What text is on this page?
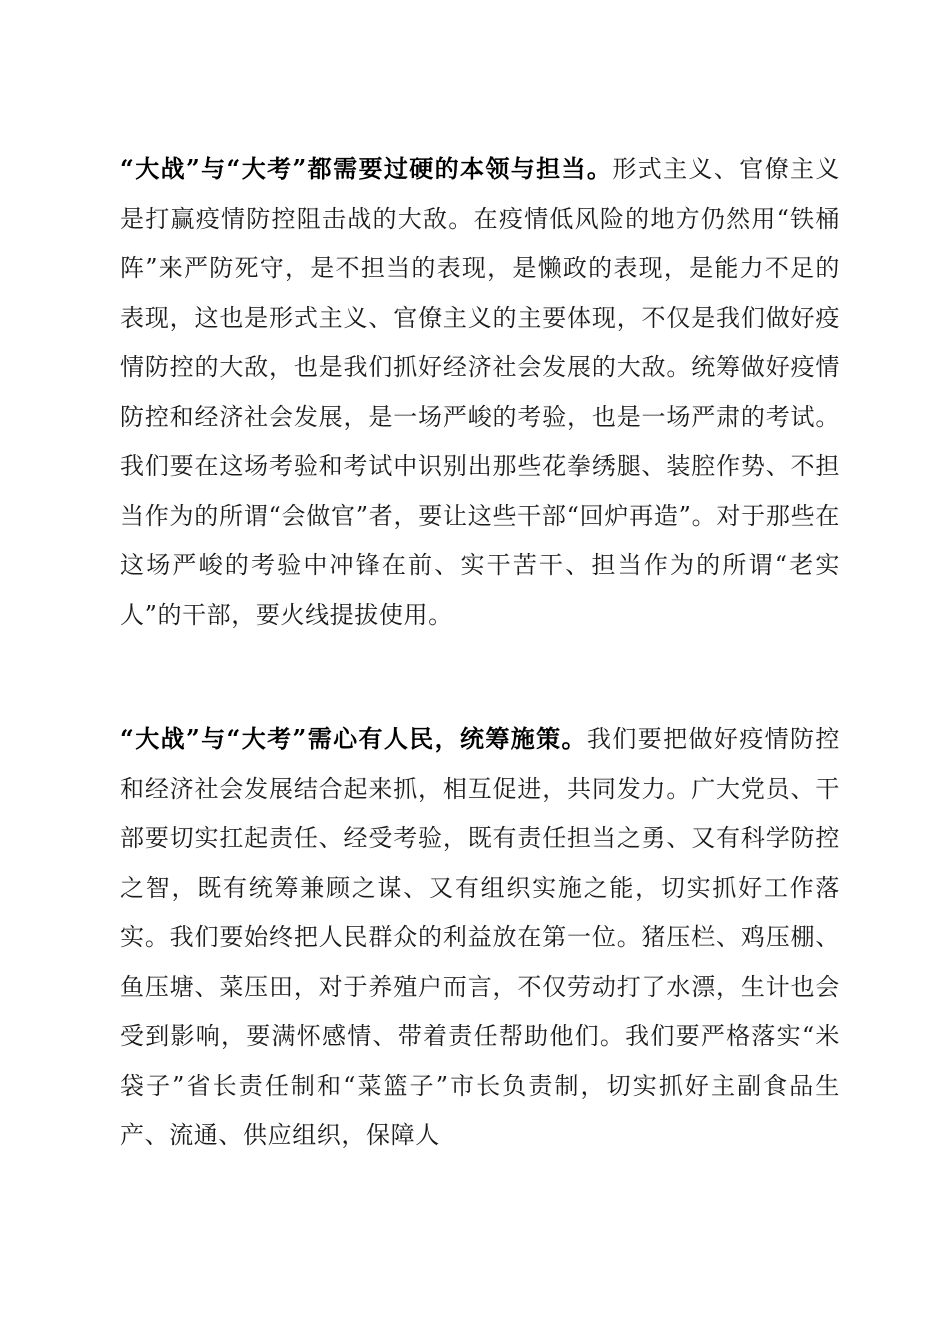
“大战”与“大考”都需要过硬的本领与担当。形式主义、官僚主义是打赢疫情防控阻击战的大敌。在疫情低风险的地方仍然用“铁桶阵”来严防死守，是不担当的表现，是懒政的表现，是能力不足的表现，这也是形式主义、官僚主义的主要体现，不仅是我们做好疫情防控的大敌，也是我们抓好经济社会发展的大敌。统筹做好疫情防控和经济社会发展，是一场严峻的考验，也是一场严肃的考试。我们要在这场考验和考试中识别出那些花拳绣腿、装腔作势、不担当作为的所谓“会做官”者，要让这些干部“回炉再造”。对于那些在这场严峻的考验中冲锋在前、实干苦干、担当作为的所谓“老实人”的干部，要火线提拔使用。

“大战”与“大考”需心有人民，统筹施策。我们要把做好疫情防控和经济社会发展结合起来抓，相互促进，共同发力。广大党员、干部要切实扛起责任、经受考验，既有责任担当之勇、又有科学防控之智，既有统筹兼顾之谋、又有组织实施之能，切实抓好工作落实。我们要始终把人民群众的利益放在第一位。猪压栏、鸡压棚、鱼压塘、菜压田，对于养殖户而言，不仅劳动打了水漂，生计也会受到影响，要满怀感情、带着责任帮助他们。我们要严格落实“米袋子”省长责任制和“菜篮子”市长负责制，切实抓好主副食品生产、流通、供应组织，保障人
